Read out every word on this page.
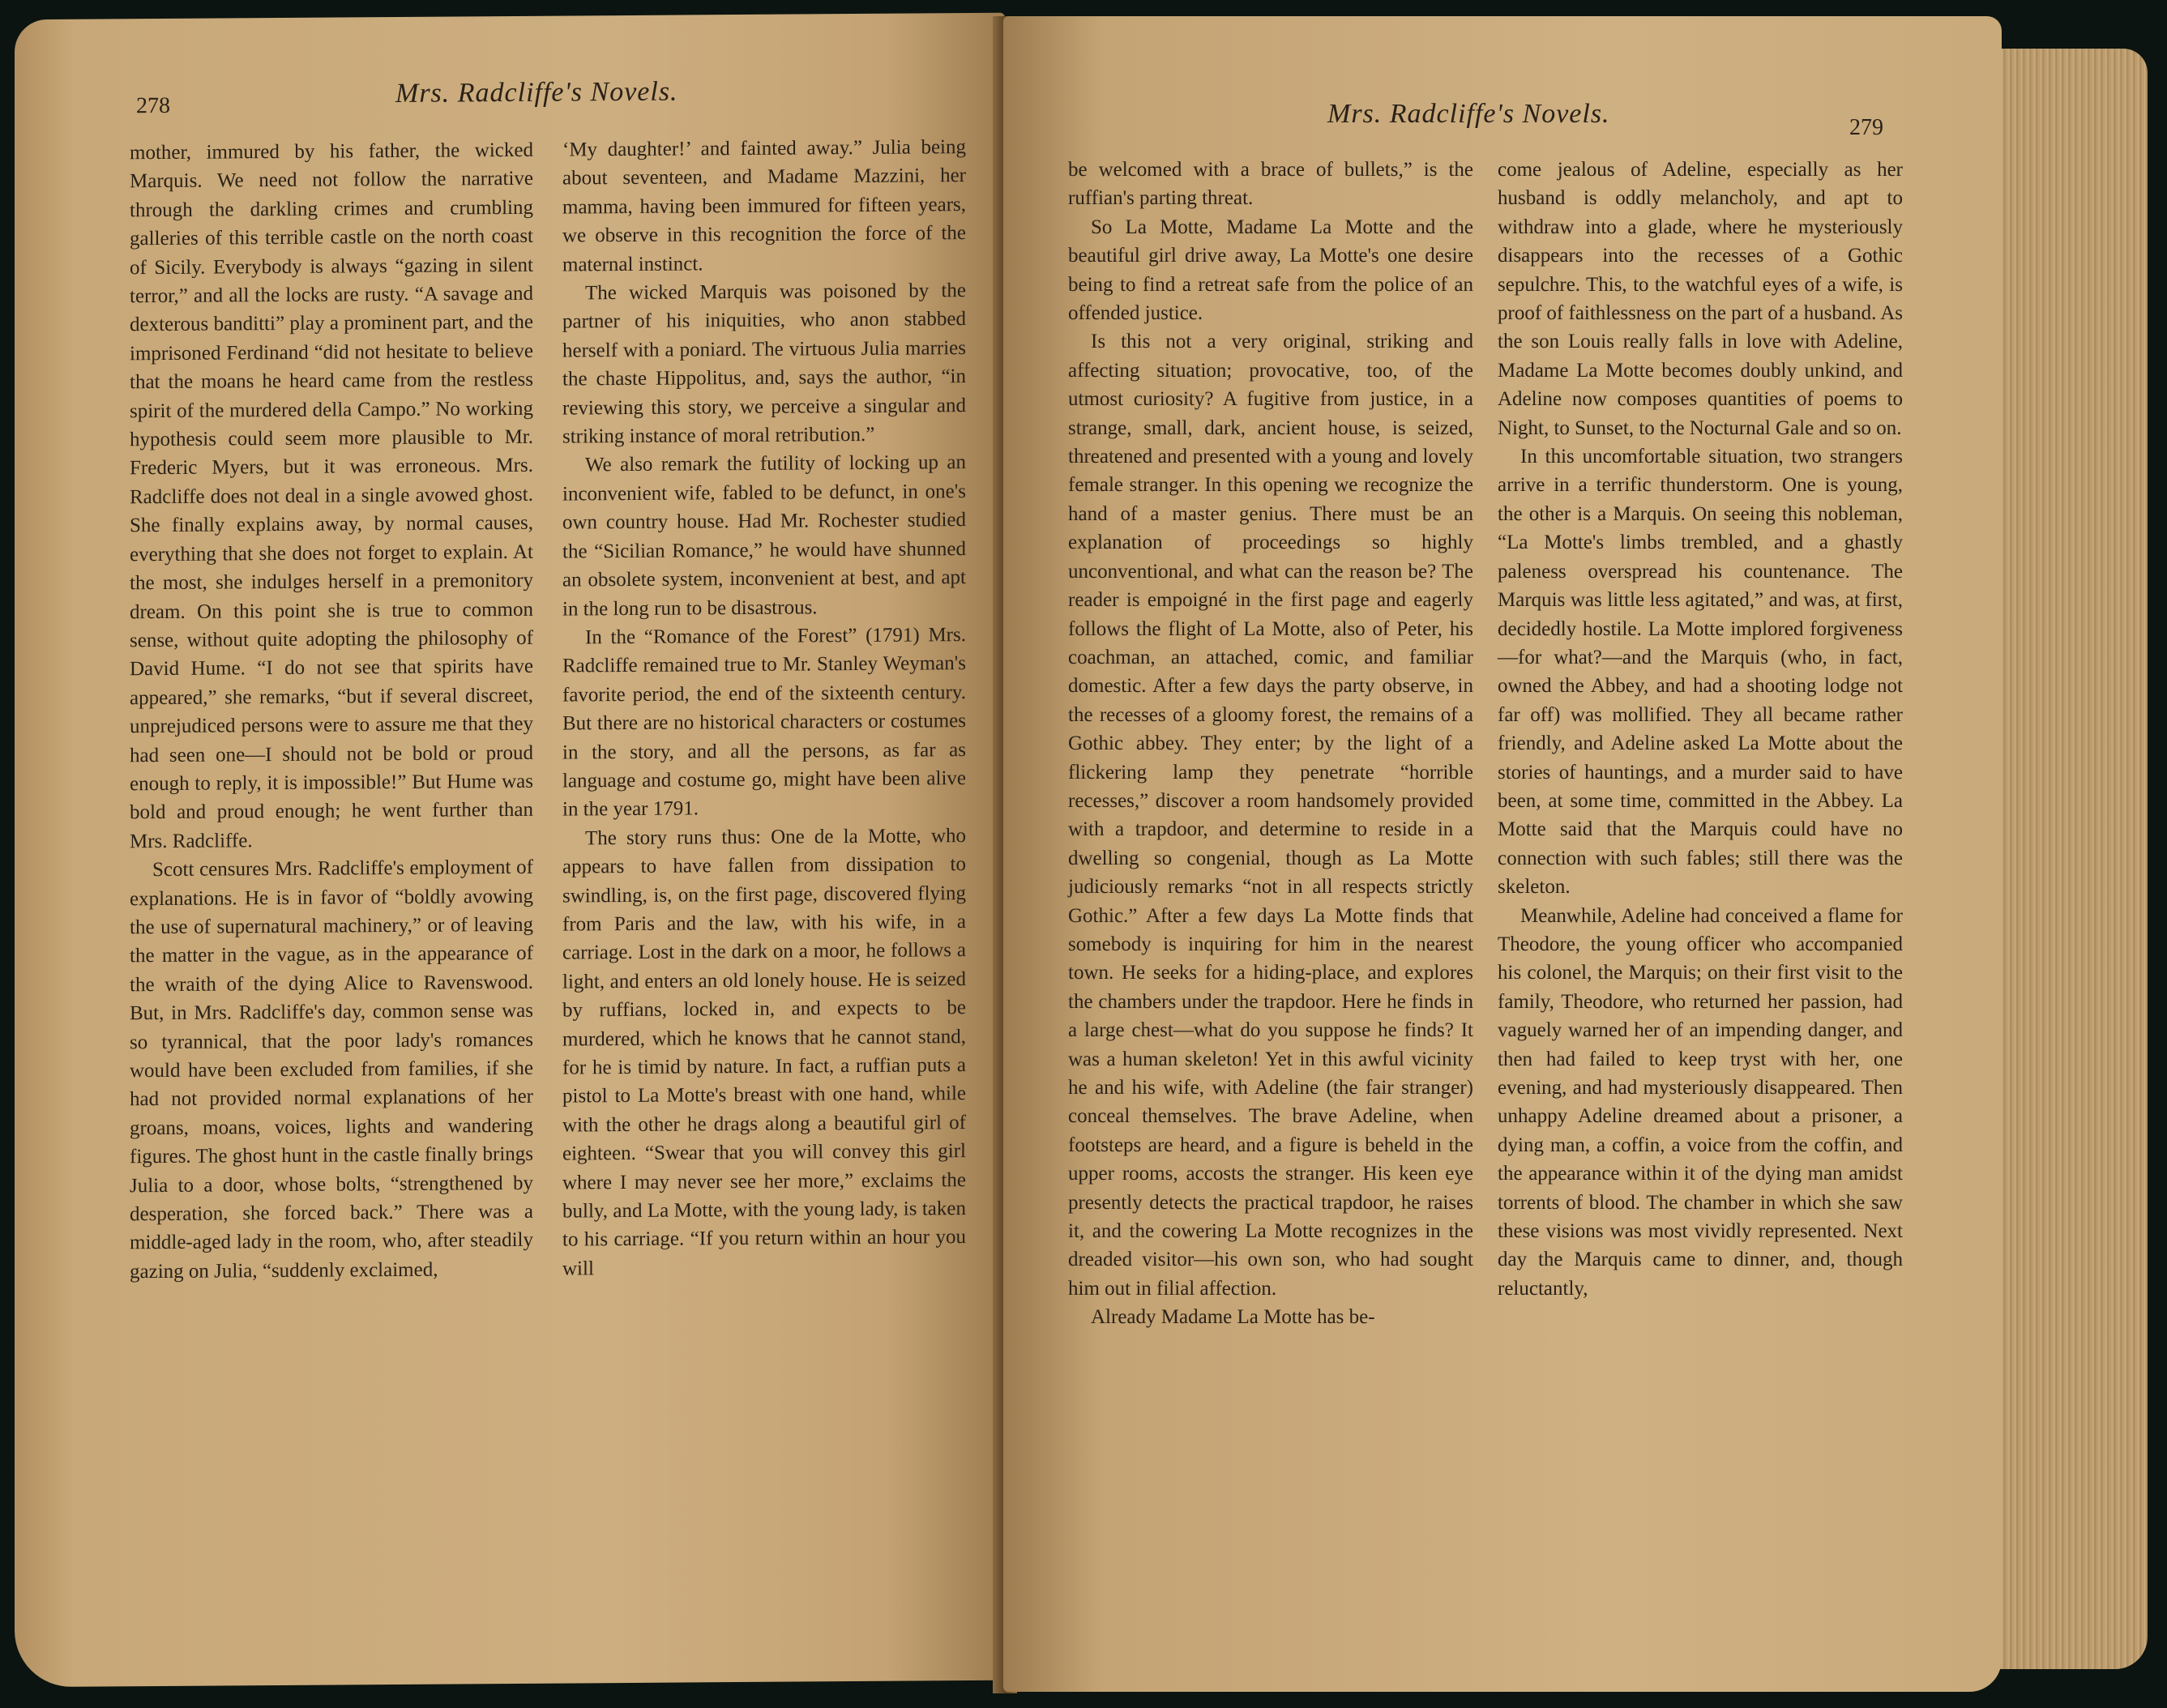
278	Mrs. Radcliffe's Novels.

mother, immured by his father, the wicked Marquis. We need not follow the narrative through the darkling crimes and crumbling galleries of this terrible castle on the north coast of Sicily. Everybody is always “gazing in silent terror,” and all the locks are rusty. “A savage and dexterous banditti” play a prominent part, and the imprisoned Ferdinand “did not hesitate to believe that the moans he heard came from the restless spirit of the murdered della Campo.” No working hypothesis could seem more plausible to Mr. Frederic Myers, but it was erroneous. Mrs. Radcliffe does not deal in a single avowed ghost. She finally explains away, by normal causes, everything that she does not forget to explain. At the most, she indulges herself in a premonitory dream. On this point she is true to common sense, without quite adopting the philosophy of David Hume. “I do not see that spirits have appeared,” she remarks, “but if several discreet, unprejudiced persons were to assure me that they had seen one—I should not be bold or proud enough to reply, it is impossible!” But Hume was bold and proud enough; he went further than Mrs. Radcliffe.

Scott censures Mrs. Radcliffe's employment of explanations. He is in favor of “boldly avowing the use of supernatural machinery,” or of leaving the matter in the vague, as in the appearance of the wraith of the dying Alice to Ravenswood. But, in Mrs. Radcliffe's day, common sense was so tyrannical, that the poor lady's romances would have been excluded from families, if she had not provided normal explanations of her groans, moans, voices, lights and wandering figures. The ghost hunt in the castle finally brings Julia to a door, whose bolts, “strengthened by desperation, she forced back.” There was a middle-aged lady in the room, who, after steadily gazing on Julia, “suddenly exclaimed,

‘My daughter!’ and fainted away.” Julia being about seventeen, and Madame Mazzini, her mamma, having been immured for fifteen years, we observe in this recognition the force of the maternal instinct.

The wicked Marquis was poisoned by the partner of his iniquities, who anon stabbed herself with a poniard. The virtuous Julia marries the chaste Hippolitus, and, says the author, “in reviewing this story, we perceive a singular and striking instance of moral retribution.”

We also remark the futility of locking up an inconvenient wife, fabled to be defunct, in one's own country house. Had Mr. Rochester studied the “Sicilian Romance,” he would have shunned an obsolete system, inconvenient at best, and apt in the long run to be disastrous.

In the “Romance of the Forest” (1791) Mrs. Radcliffe remained true to Mr. Stanley Weyman's favorite period, the end of the sixteenth century. But there are no historical characters or costumes in the story, and all the persons, as far as language and costume go, might have been alive in the year 1791.

The story runs thus: One de la Motte, who appears to have fallen from dissipation to swindling, is, on the first page, discovered flying from Paris and the law, with his wife, in a carriage. Lost in the dark on a moor, he follows a light, and enters an old lonely house. He is seized by ruffians, locked in, and expects to be murdered, which he knows that he cannot stand, for he is timid by nature. In fact, a ruffian puts a pistol to La Motte's breast with one hand, while with the other he drags along a beautiful girl of eighteen. “Swear that you will convey this girl where I may never see her more,” exclaims the bully, and La Motte, with the young lady, is taken to his carriage. “If you return within an hour you will

Mrs. Radcliffe's Novels.	279

be welcomed with a brace of bullets,” is the ruffian's parting threat.

So La Motte, Madame La Motte and the beautiful girl drive away, La Motte's one desire being to find a retreat safe from the police of an offended justice.

Is this not a very original, striking and affecting situation; provocative, too, of the utmost curiosity? A fugitive from justice, in a strange, small, dark, ancient house, is seized, threatened and presented with a young and lovely female stranger. In this opening we recognize the hand of a master genius. There must be an explanation of proceedings so highly unconventional, and what can the reason be? The reader is empoigné in the first page and eagerly follows the flight of La Motte, also of Peter, his coachman, an attached, comic, and familiar domestic. After a few days the party observe, in the recesses of a gloomy forest, the remains of a Gothic abbey. They enter; by the light of a flickering lamp they penetrate “horrible recesses,” discover a room handsomely provided with a trapdoor, and determine to reside in a dwelling so congenial, though as La Motte judiciously remarks “not in all respects strictly Gothic.” After a few days La Motte finds that somebody is inquiring for him in the nearest town. He seeks for a hiding-place, and explores the chambers under the trapdoor. Here he finds in a large chest—what do you suppose he finds? It was a human skeleton! Yet in this awful vicinity he and his wife, with Adeline (the fair stranger) conceal themselves. The brave Adeline, when footsteps are heard, and a figure is beheld in the upper rooms, accosts the stranger. His keen eye presently detects the practical trapdoor, he raises it, and the cowering La Motte recognizes in the dreaded visitor—his own son, who had sought him out in filial affection.

Already Madame La Motte has be-

come jealous of Adeline, especially as her husband is oddly melancholy, and apt to withdraw into a glade, where he mysteriously disappears into the recesses of a Gothic sepulchre. This, to the watchful eyes of a wife, is proof of faithlessness on the part of a husband. As the son Louis really falls in love with Adeline, Madame La Motte becomes doubly unkind, and Adeline now composes quantities of poems to Night, to Sunset, to the Nocturnal Gale and so on.

In this uncomfortable situation, two strangers arrive in a terrific thunderstorm. One is young, the other is a Marquis. On seeing this nobleman, “La Motte's limbs trembled, and a ghastly paleness overspread his countenance. The Marquis was little less agitated,” and was, at first, decidedly hostile. La Motte implored forgiveness—for what?—and the Marquis (who, in fact, owned the Abbey, and had a shooting lodge not far off) was mollified. They all became rather friendly, and Adeline asked La Motte about the stories of hauntings, and a murder said to have been, at some time, committed in the Abbey. La Motte said that the Marquis could have no connection with such fables; still there was the skeleton.

Meanwhile, Adeline had conceived a flame for Theodore, the young officer who accompanied his colonel, the Marquis; on their first visit to the family, Theodore, who returned her passion, had vaguely warned her of an impending danger, and then had failed to keep tryst with her, one evening, and had mysteriously disappeared. Then unhappy Adeline dreamed about a prisoner, a dying man, a coffin, a voice from the coffin, and the appearance within it of the dying man amidst torrents of blood. The chamber in which she saw these visions was most vividly represented. Next day the Marquis came to dinner, and, though reluctantly,
